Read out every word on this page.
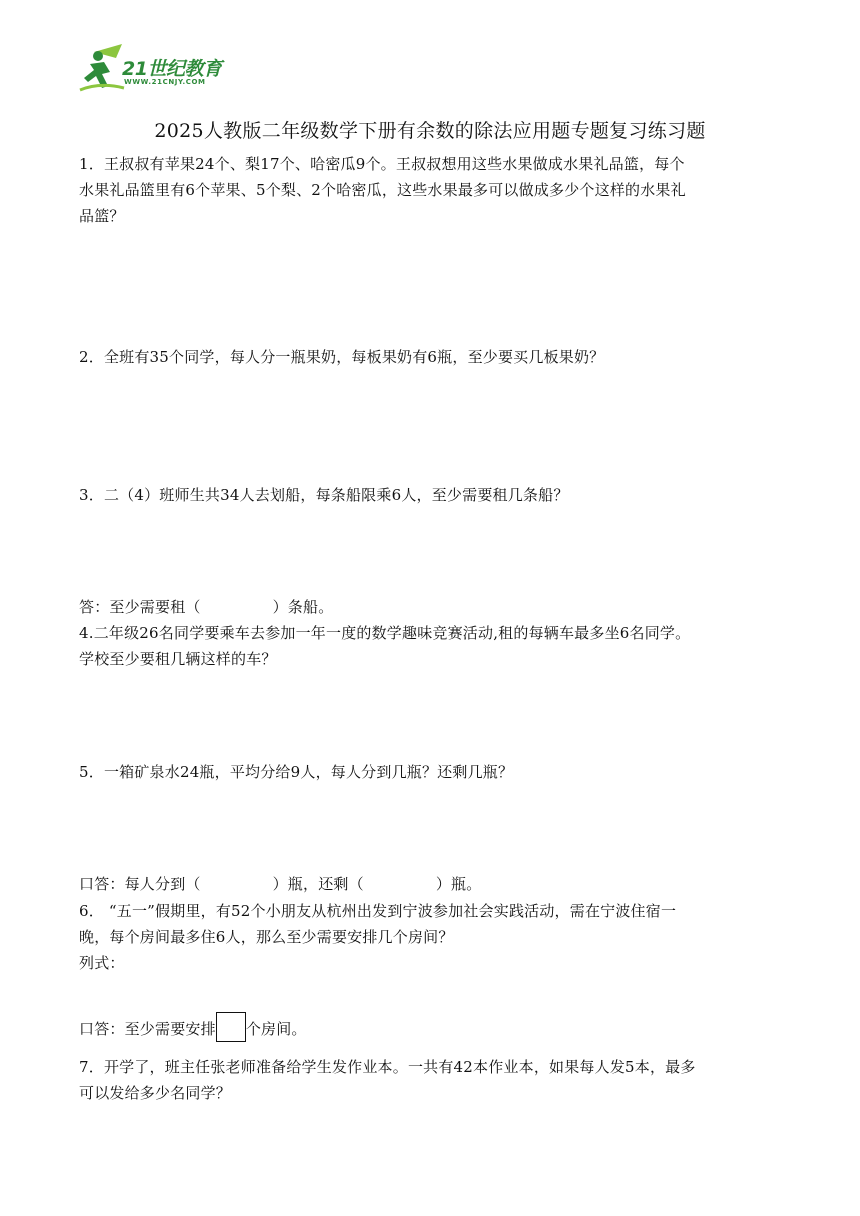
21世纪教育
WWW.21CNJY.COM
2025人教版二年级数学下册有余数的除法应用题专题复习练习题

1．王叔叔有苹果24个、梨17个、哈密瓜9个。王叔叔想用这些水果做成水果礼品篮，每个

水果礼品篮里有6个苹果、5个梨、2个哈密瓜，这些水果最多可以做成多少个这样的水果礼

品篮？

2．全班有35个同学，每人分一瓶果奶，每板果奶有6瓶，至少要买几板果奶？

3．二（4）班师生共34人去划船，每条船限乘6人，至少需要租几条船？

答：至少需要租（	）条船。

4.二年级26名同学要乘车去参加一年一度的数学趣味竞赛活动,租的每辆车最多坐6名同学。

学校至少要租几辆这样的车？

5．一箱矿泉水24瓶，平均分给9人，每人分到几瓶？还剩几瓶？

口答：每人分到（	）瓶，还剩（	）瓶。

6． “五一”假期里，有52个小朋友从杭州出发到宁波参加社会实践活动，需在宁波住宿一

晚，每个房间最多住6人，那么至少需要安排几个房间？

列式：

口答：至少需要安排 个房间。

7．开学了，班主任张老师准备给学生发作业本。一共有42本作业本，如果每人发5本，最多

可以发给多少名同学？
